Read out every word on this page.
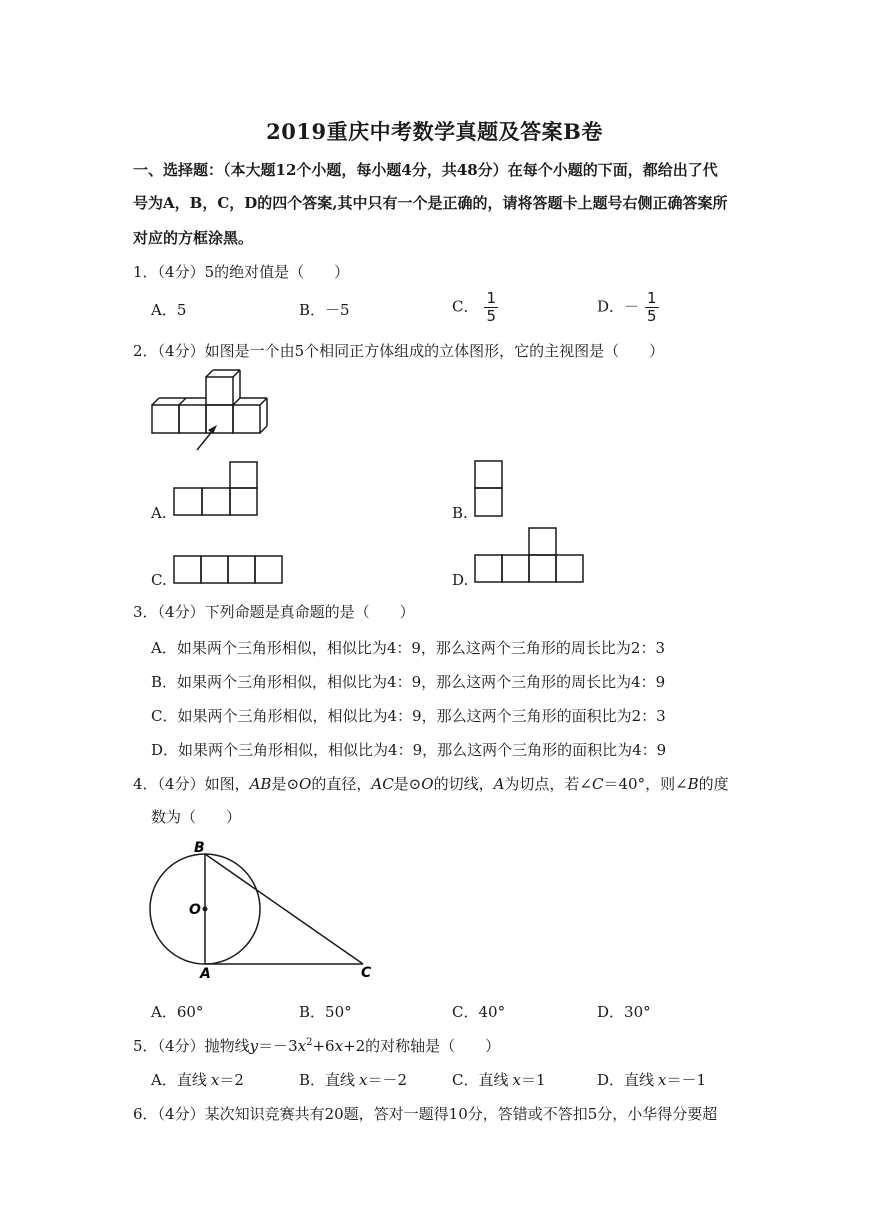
2019重庆中考数学真题及答案B卷
一、选择题：（本大题12个小题，每小题4分，共48分）在每个小题的下面，都给出了代
号为A，B，C，D的四个答案,其中只有一个是正确的，请将答题卡上题号右侧正确答案所
对应的方框涂黑。
1．（4分）5的绝对值是（　　）
A．5	B．－5	C． $\frac{1}{5}$	D．－ $\frac{1}{5}$
2．（4分）如图是一个由5个相同正方体组成的立体图形，它的主视图是（　　）
A.	B.
C.	D.
3．（4分）下列命题是真命题的是（　　）
A．如果两个三角形相似，相似比为4：9，那么这两个三角形的周长比为2：3
B．如果两个三角形相似，相似比为4：9，那么这两个三角形的周长比为4：9
C．如果两个三角形相似，相似比为4：9，那么这两个三角形的面积比为2：3
D．如果两个三角形相似，相似比为4：9，那么这两个三角形的面积比为4：9
4．（4分）如图，AB是⊙O的直径，AC是⊙O的切线，A为切点，若∠C＝40°，则∠B的度
数为（　　）
B
O
A	C
A．60°	B．50°	C．40°	D．30°
5．（4分）抛物线$y=-3x^2+6x+2$的对称轴是（　　）
A．直线 x＝2	B．直线 x＝－2	C．直线 x＝1	D．直线 x＝－1
6．（4分）某次知识竞赛共有20题，答对一题得10分，答错或不答扣5分，小华得分要超
